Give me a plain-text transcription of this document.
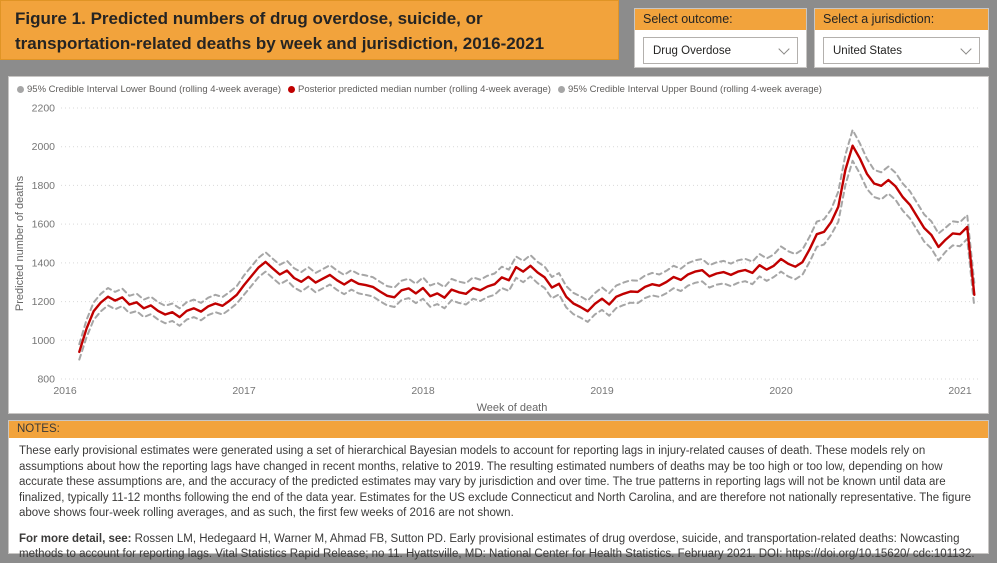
Figure 1. Predicted numbers of drug overdose, suicide, or transportation-related deaths by week and jurisdiction, 2016-2021
Select outcome:
Drug Overdose
Select a jurisdiction:
United States
95% Credible Interval Lower Bound (rolling 4-week average) Posterior predicted median number (rolling 4-week average) 95% Credible Interval Upper Bound (rolling 4-week average)
800
1000
1200
1400
1600
1800
2000
2200
2016	2017	2018	2019	2020	2021
Week of death
Predicted number of deaths
NOTES:
These early provisional estimates were generated using a set of hierarchical Bayesian models to account for reporting lags in injury-related causes of death. These models rely on assumptions about how the reporting lags have changed in recent months, relative to 2019. The resulting estimated numbers of deaths may be too high or too low, depending on how accurate these assumptions are, and the accuracy of the predicted estimates may vary by jurisdiction and over time. The true patterns in reporting lags will not be known until data are finalized, typically 11-12 months following the end of the data year. Estimates for the US exclude Connecticut and North Carolina, and are therefore not nationally representative. The figure above shows four-week rolling averages, and as such, the first few weeks of 2016 are not shown.
For more detail, see: Rossen LM, Hedegaard H, Warner M, Ahmad FB, Sutton PD. Early provisional estimates of drug overdose, suicide, and transportation-related deaths: Nowcasting methods to account for reporting lags. Vital Statistics Rapid Release; no 11. Hyattsville, MD: National Center for Health Statistics. February 2021. DOI: https://doi.org/10.15620/ cdc:101132.
